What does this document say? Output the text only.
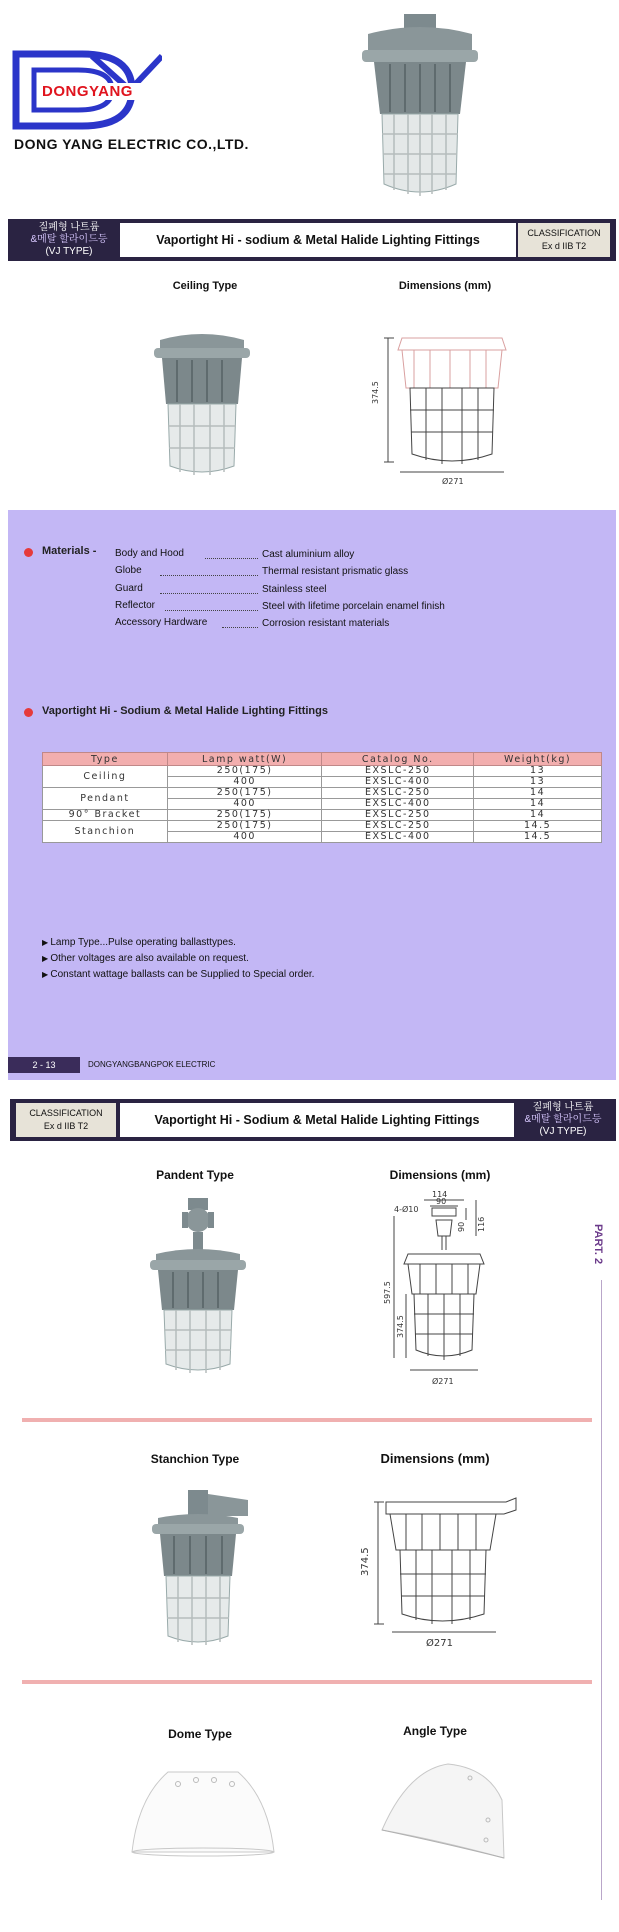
DONGYANG
DONG YANG ELECTRIC CO.,LTD.
질폐형 나트륨
&메탈 할라이드등
(VJ TYPE)
Vaportight Hi - sodium & Metal Halide Lighting Fittings	CLASSIFICATION
Ex d IIB T2
Ceiling Type	Dimensions (mm)
374.5
Ø271
Materials - Body and Hood	Cast aluminium alloy
Globe	Thermal resistant prismatic glass
Guard	Stainless steel
Reflector	Steel with lifetime porcelain enamel finish
Accessory Hardware	Corrosion resistant materials
Vaportight Hi - Sodium & Metal Halide Lighting Fittings
Type	Lamp watt(W)	Catalog No.	Weight(kg)
Ceiling	250(175)	EXSLC-250	13
	400	EXSLC-400	13
Pendant	250(175)	EXSLC-250	14
	400	EXSLC-400	14
90° Bracket	250(175)	EXSLC-250	14
Stanchion	250(175)	EXSLC-250	14.5
	400	EXSLC-400	14.5
▶ Lamp Type...Pulse operating ballasttypes.
▶ Other voltages are also available on request.
▶ Constant wattage ballasts can be Supplied to Special order.
2 - 13	DONGYANGBANGPOK ELECTRIC
CLASSIFICATION
Ex d IIB T2	Vaportight Hi - Sodium & Metal Halide Lighting Fittings
질폐형 나트륨
&메탈 할라이드등
(VJ TYPE)
PART. 2
Pandent Type	Dimensions (mm)
114
90
4-Ø10
90 116
597.5
374.5
Ø271
Stanchion Type	Dimensions (mm)
374.5
Ø271
Dome Type	Angle Type
